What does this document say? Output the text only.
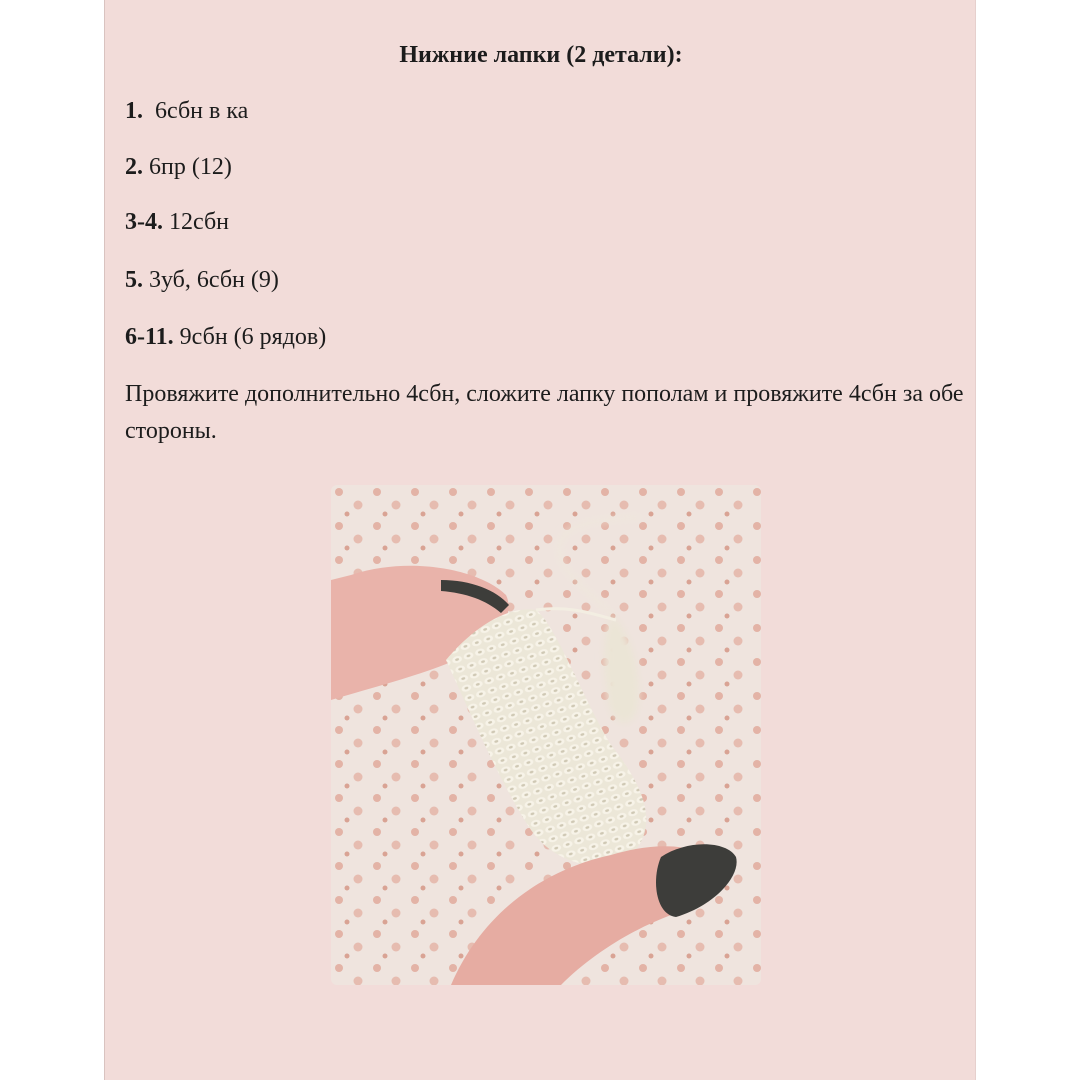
Нижние лапки (2 детали):
1. 6сбн в ка
2. 6пр (12)
3-4. 12сбн
5. 3уб, 6сбн (9)
6-11. 9сбн (6 рядов)
Провяжите дополнительно 4сбн, сложите лапку пополам и провяжите 4сбн за обе стороны.
